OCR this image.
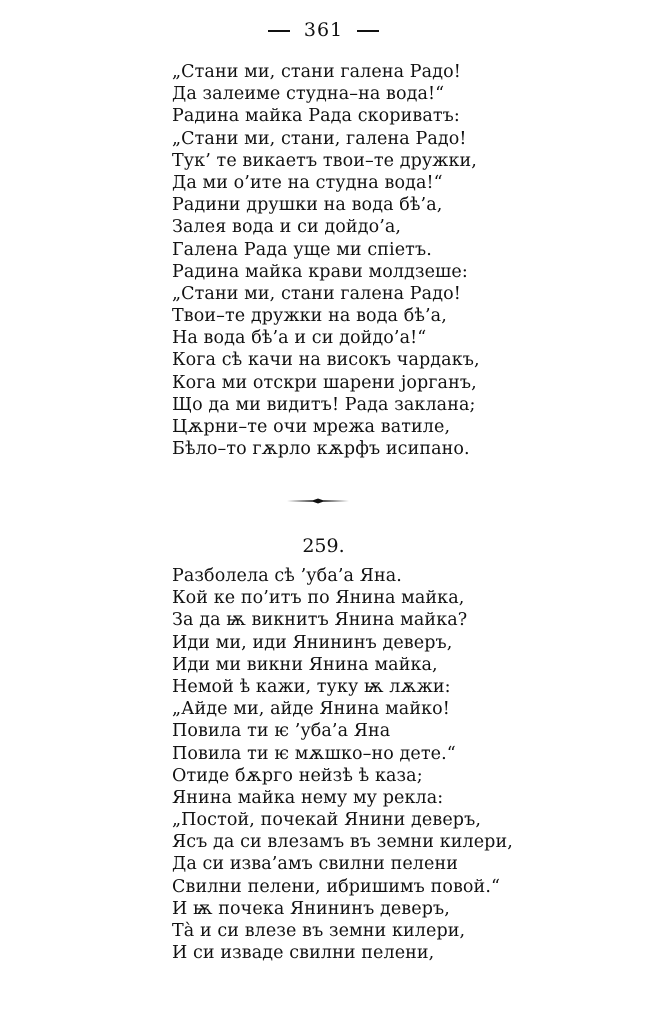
361
„Стани ми, стани галена Радо!
Да залеиме студна–на вода!“
Радина майка Рада скориватъ:
„Стани ми, стани, галена Радо!
Тук’ те викаетъ твои–те дружки,
Да ми о’ите на студна вода!“
Радини друшки на вода бѣ’а,
Залея вода и си дойдо’а,
Галена Рада уще ми спіетъ.
Радина майка крави молдзеше:
„Стани ми, стани галена Радо!
Твои–те дружки на вода бѣ’а,
На вода бѣ’а и си дойдо’а!“
Кога сѣ качи на високъ чардакъ,
Кога ми отскри шарени јорганъ,
Щo да ми видитъ! Рада заклана;
Цѫрни–те очи мрежа ватиле,
Бѣло–то гѫрло кѫрфъ исипано.
259.
Разболела сѣ ’уба’а Яна.
Кой ке по’итъ по Янина майка,
За да ѭ викнитъ Янина майка?
Иди ми, иди Янининъ деверъ,
Иди ми викни Янина майка,
Немой ѣ кажи, туку ѭ лѫжи:
„Айде ми, айде Янина майко!
Повила ти ѥ ’уба’а Яна
Повила ти ѥ мѫшко–но дете.“
Отиде бѫрго нейзѣ ѣ каза;
Янина майка нему му рекла:
„Постой, почекай Янини деверъ,
Ясъ да си влезамъ въ земни килери,
Да си изва’амъ свилни пелени
Свилни пелени, ибришимъ повой.“
И ѭ почека Янининъ деверъ,
Тà и си влезе въ земни килери,
И си изваде свилни пелени,
